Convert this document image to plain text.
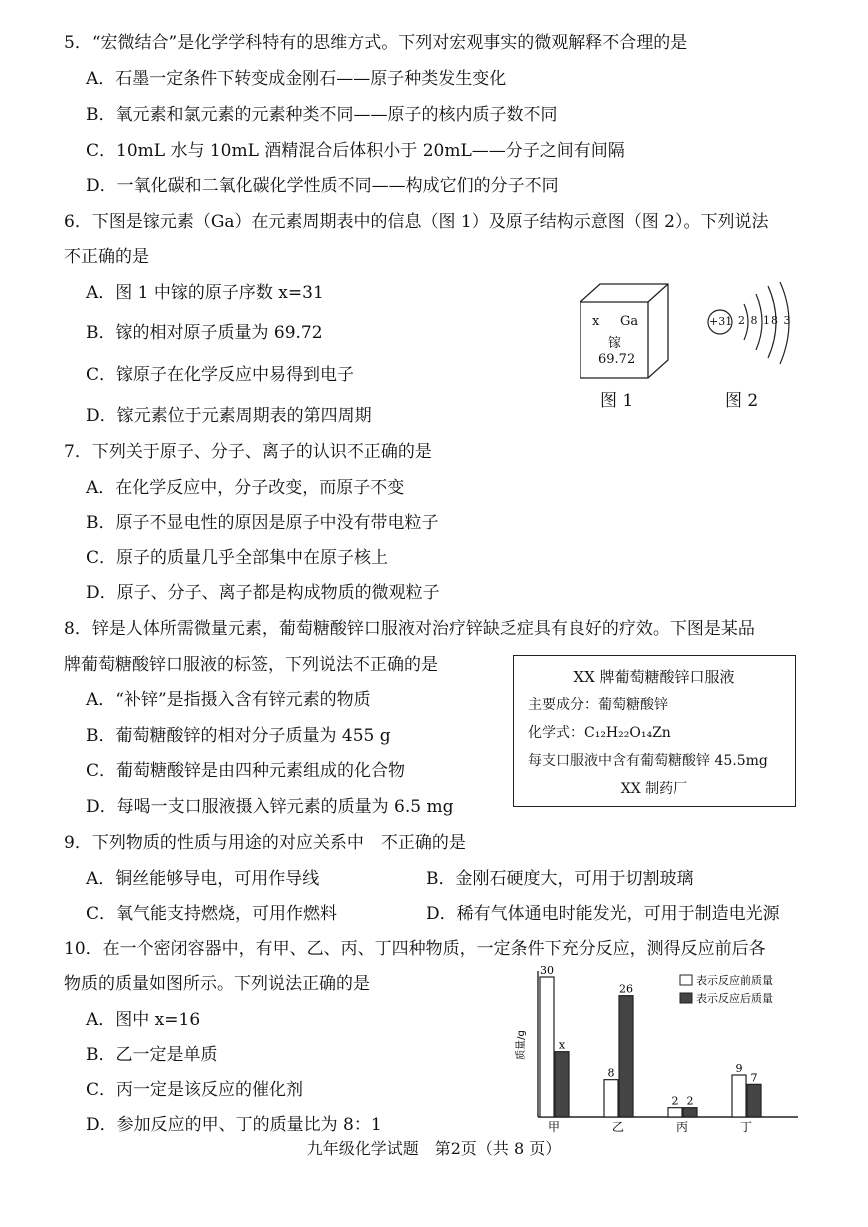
5．“宏微结合”是化学学科特有的思维方式。下列对宏观事实的微观解释不合理的是
A．石墨一定条件下转变成金刚石——原子种类发生变化
B．氧元素和氯元素的元素种类不同——原子的核内质子数不同
C．10mL 水与 10mL 酒精混合后体积小于 20mL——分子之间有间隔
D．一氧化碳和二氧化碳化学性质不同——构成它们的分子不同
6．下图是镓元素（Ga）在元素周期表中的信息（图 1）及原子结构示意图（图 2）。下列说法
不正确的是
A．图 1 中镓的原子序数 x=31
B．镓的相对原子质量为 69.72
C．镓原子在化学反应中易得到电子
D．镓元素位于元素周期表的第四周期
x Ga
镓
69.72
图 1
+31 2 8 18 3
图 2
7．下列关于原子、分子、离子的认识不正确的是
A．在化学反应中，分子改变，而原子不变
B．原子不显电性的原因是原子中没有带电粒子
C．原子的质量几乎全部集中在原子核上
D．原子、分子、离子都是构成物质的微观粒子
8．锌是人体所需微量元素，葡萄糖酸锌口服液对治疗锌缺乏症具有良好的疗效。下图是某品
牌葡萄糖酸锌口服液的标签，下列说法不正确的是
A．“补锌”是指摄入含有锌元素的物质
B．葡萄糖酸锌的相对分子质量为 455 g
C．葡萄糖酸锌是由四种元素组成的化合物
D．每喝一支口服液摄入锌元素的质量为 6.5 mg
XX 牌葡萄糖酸锌口服液
主要成分：葡萄糖酸锌
化学式：C₁₂H₂₂O₁₄Zn
每支口服液中含有葡萄糖酸锌 45.5mg
XX 制药厂
9．下列物质的性质与用途的对应关系中　不正确的是
A．铜丝能够导电，可用作导线	B．金刚石硬度大，可用于切割玻璃
C．氧气能支持燃烧，可用作燃料	D．稀有气体通电时能发光，可用于制造电光源
10．在一个密闭容器中，有甲、乙、丙、丁四种物质，一定条件下充分反应，测得反应前后各
物质的质量如图所示。下列说法正确的是
A．图中 x=16
B．乙一定是单质
C．丙一定是该反应的催化剂
D．参加反应的甲、丁的质量比为 8：1
质量/g
30
x
甲
8
26
乙
2 2
丙
9
7
丁
表示反应前质量
表示反应后质量
九年级化学试题　第2页（共 8 页）
